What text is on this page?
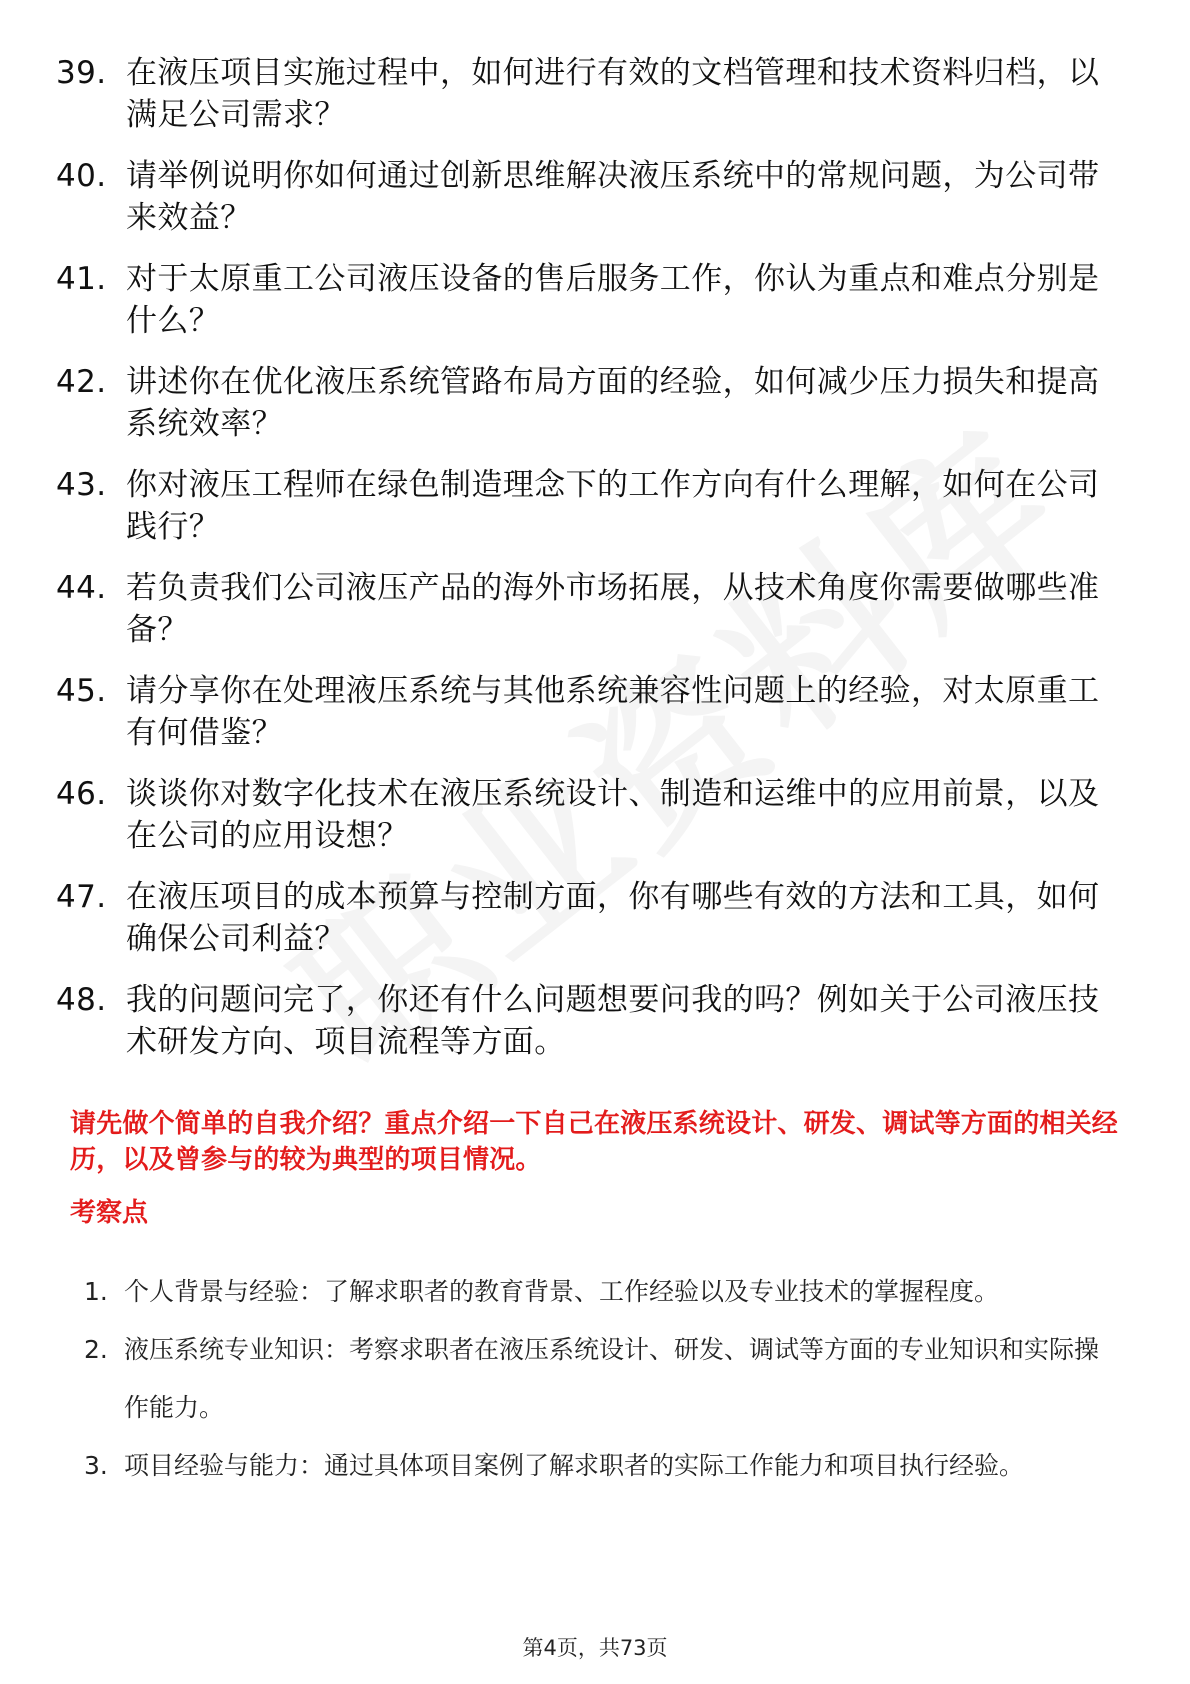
39. 在液压项目实施过程中，如何进行有效的文档管理和技术资料归档，以满足公司需求？
40. 请举例说明你如何通过创新思维解决液压系统中的常规问题，为公司带来效益？
41. 对于太原重工公司液压设备的售后服务工作，你认为重点和难点分别是什么？
42. 讲述你在优化液压系统管路布局方面的经验，如何减少压力损失和提高系统效率？
43. 你对液压工程师在绿色制造理念下的工作方向有什么理解，如何在公司践行？
44. 若负责我们公司液压产品的海外市场拓展，从技术角度你需要做哪些准备？
45. 请分享你在处理液压系统与其他系统兼容性问题上的经验，对太原重工有何借鉴？
46. 谈谈你对数字化技术在液压系统设计、制造和运维中的应用前景，以及在公司的应用设想？
47. 在液压项目的成本预算与控制方面，你有哪些有效的方法和工具，如何确保公司利益？
48. 我的问题问完了，你还有什么问题想要问我的吗？例如关于公司液压技术研发方向、项目流程等方面。
请先做个简单的自我介绍？重点介绍一下自己在液压系统设计、研发、调试等方面的相关经历，以及曾参与的较为典型的项目情况。
考察点
1. 个人背景与经验：了解求职者的教育背景、工作经验以及专业技术的掌握程度。
2. 液压系统专业知识：考察求职者在液压系统设计、研发、调试等方面的专业知识和实际操作能力。
3. 项目经验与能力：通过具体项目案例了解求职者的实际工作能力和项目执行经验。
第4页，共73页
